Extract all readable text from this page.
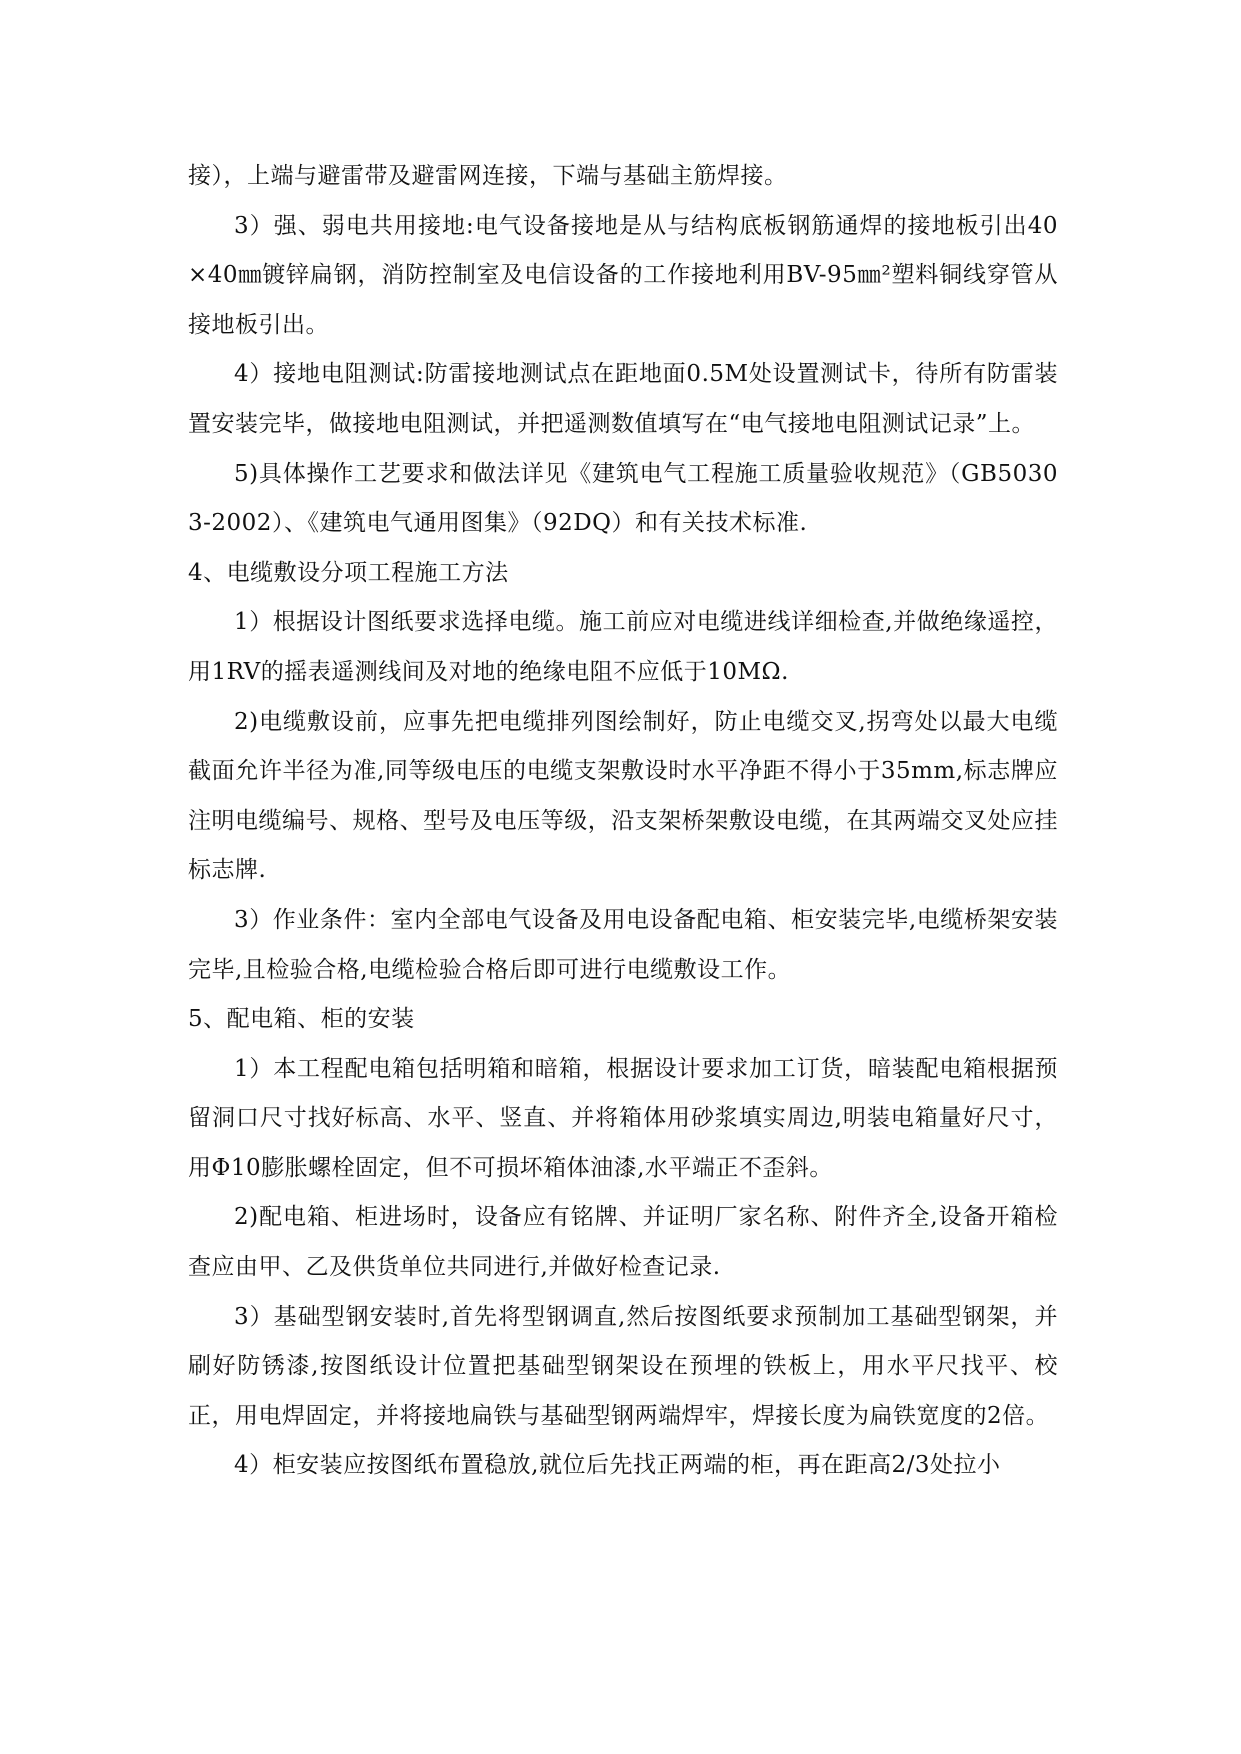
接），上端与避雷带及避雷网连接，下端与基础主筋焊接。

3）强、弱电共用接地:电气设备接地是从与结构底板钢筋通焊的接地板引出40×40㎜镀锌扁钢，消防控制室及电信设备的工作接地利用BV-95㎜²塑料铜线穿管从接地板引出。

4）接地电阻测试:防雷接地测试点在距地面0.5M处设置测试卡，待所有防雷装置安装完毕，做接地电阻测试，并把遥测数值填写在“电气接地电阻测试记录”上。

5)具体操作工艺要求和做法详见《建筑电气工程施工质量验收规范》（GB50303-2002）、《建筑电气通用图集》（92DQ）和有关技术标准.

4、电缆敷设分项工程施工方法

1）根据设计图纸要求选择电缆。施工前应对电缆进线详细检查,并做绝缘遥控，用1RV的摇表遥测线间及对地的绝缘电阻不应低于10MΩ.

2)电缆敷设前，应事先把电缆排列图绘制好，防止电缆交叉,拐弯处以最大电缆截面允许半径为准,同等级电压的电缆支架敷设时水平净距不得小于35mm,标志牌应注明电缆编号、规格、型号及电压等级，沿支架桥架敷设电缆，在其两端交叉处应挂标志牌.

3）作业条件：室内全部电气设备及用电设备配电箱、柜安装完毕,电缆桥架安装完毕,且检验合格,电缆检验合格后即可进行电缆敷设工作。

5、配电箱、柜的安装

1）本工程配电箱包括明箱和暗箱，根据设计要求加工订货，暗装配电箱根据预留洞口尺寸找好标高、水平、竖直、并将箱体用砂浆填实周边,明装电箱量好尺寸，用Φ10膨胀螺栓固定，但不可损坏箱体油漆,水平端正不歪斜。

2)配电箱、柜进场时，设备应有铭牌、并证明厂家名称、附件齐全,设备开箱检查应由甲、乙及供货单位共同进行,并做好检查记录.

3）基础型钢安装时,首先将型钢调直,然后按图纸要求预制加工基础型钢架，并刷好防锈漆,按图纸设计位置把基础型钢架设在预埋的铁板上，用水平尺找平、校正，用电焊固定，并将接地扁铁与基础型钢两端焊牢，焊接长度为扁铁宽度的2倍。

4）柜安装应按图纸布置稳放,就位后先找正两端的柜，再在距高2/3处拉小
